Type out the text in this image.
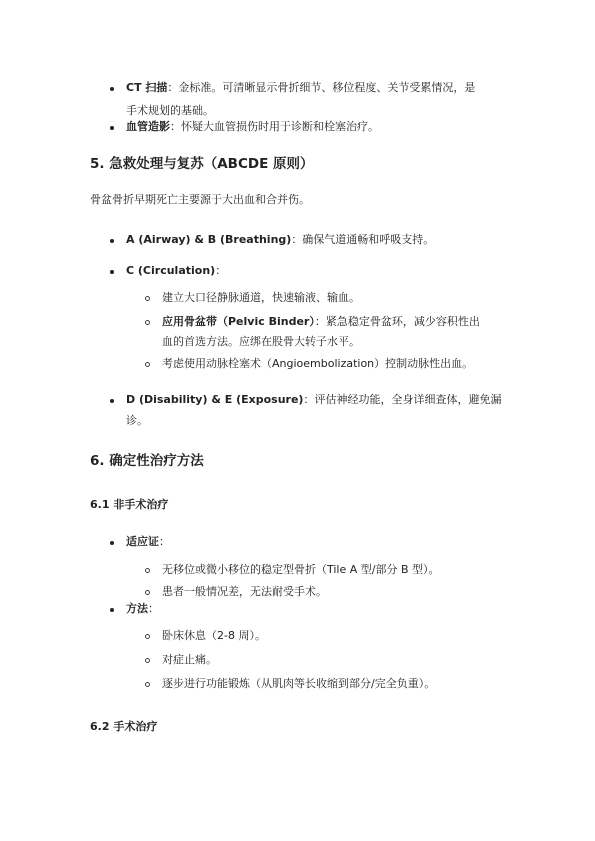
CT 扫描：金标准。可清晰显示骨折细节、移位程度、关节受累情况，是
手术规划的基础。
血管造影：怀疑大血管损伤时用于诊断和栓塞治疗。
5. 急救处理与复苏（ABCDE 原则）
骨盆骨折早期死亡主要源于大出血和合并伤。
A (Airway) & B (Breathing)：确保气道通畅和呼吸支持。
C (Circulation)：
建立大口径静脉通道，快速输液、输血。
应用骨盆带（Pelvic Binder）：紧急稳定骨盆环，减少容积性出
血的首选方法。应绑在股骨大转子水平。
考虑使用动脉栓塞术（Angioembolization）控制动脉性出血。
D (Disability) & E (Exposure)：评估神经功能，全身详细查体，避免漏
诊。
6. 确定性治疗方法
6.1 非手术治疗
适应证：
无移位或微小移位的稳定型骨折（Tile A 型/部分 B 型）。
患者一般情况差，无法耐受手术。
方法：
卧床休息（2-8 周）。
对症止痛。
逐步进行功能锻炼（从肌肉等长收缩到部分/完全负重）。
6.2 手术治疗
